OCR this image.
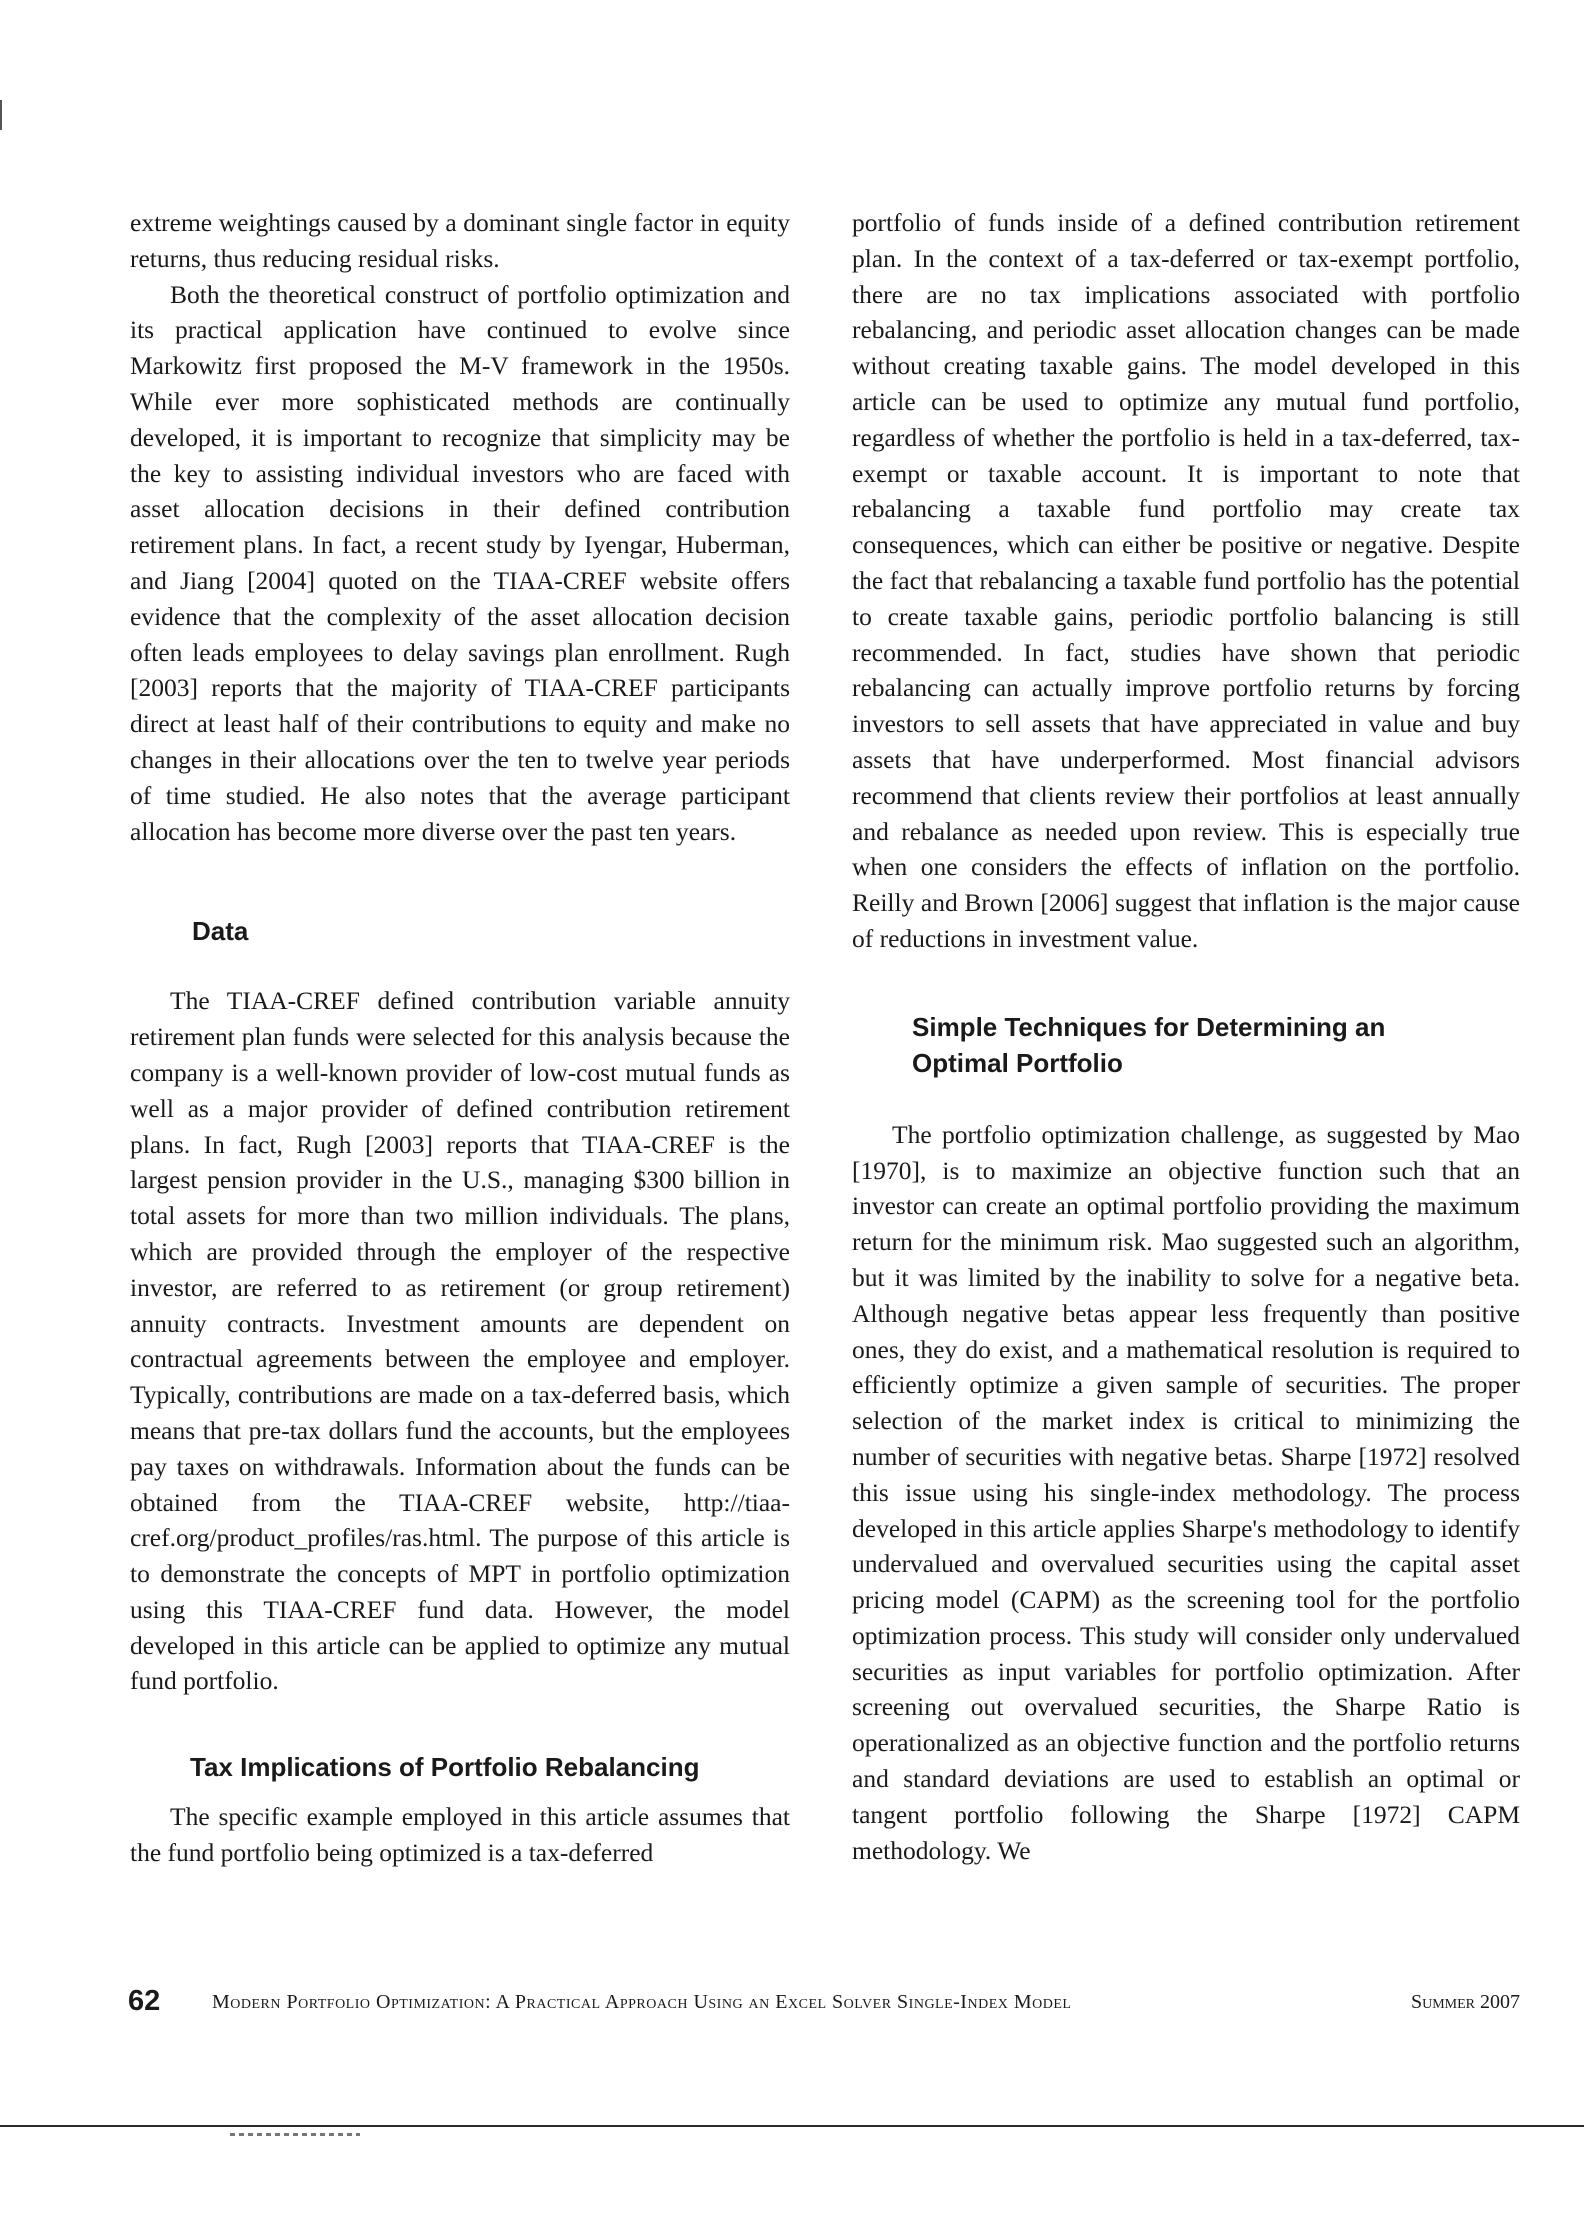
extreme weightings caused by a dominant single factor in equity returns, thus reducing residual risks.

Both the theoretical construct of portfolio optimization and its practical application have continued to evolve since Markowitz first proposed the M-V framework in the 1950s. While ever more sophisticated methods are continually developed, it is important to recognize that simplicity may be the key to assisting individual investors who are faced with asset allocation decisions in their defined contribution retirement plans. In fact, a recent study by Iyengar, Huberman, and Jiang [2004] quoted on the TIAA-CREF website offers evidence that the complexity of the asset allocation decision often leads employees to delay savings plan enrollment. Rugh [2003] reports that the majority of TIAA-CREF participants direct at least half of their contributions to equity and make no changes in their allocations over the ten to twelve year periods of time studied. He also notes that the average participant allocation has become more diverse over the past ten years.

Data

The TIAA-CREF defined contribution variable annuity retirement plan funds were selected for this analysis because the company is a well-known provider of low-cost mutual funds as well as a major provider of defined contribution retirement plans. In fact, Rugh [2003] reports that TIAA-CREF is the largest pension provider in the U.S., managing $300 billion in total assets for more than two million individuals. The plans, which are provided through the employer of the respective investor, are referred to as retirement (or group retirement) annuity contracts. Investment amounts are dependent on contractual agreements between the employee and employer. Typically, contributions are made on a tax-deferred basis, which means that pre-tax dollars fund the accounts, but the employees pay taxes on withdrawals. Information about the funds can be obtained from the TIAA-CREF website, http://tiaa-cref.org/product_profiles/ras.html. The purpose of this article is to demonstrate the concepts of MPT in portfolio optimization using this TIAA-CREF fund data. However, the model developed in this article can be applied to optimize any mutual fund portfolio.

Tax Implications of Portfolio Rebalancing

The specific example employed in this article assumes that the fund portfolio being optimized is a tax-deferred

portfolio of funds inside of a defined contribution retirement plan. In the context of a tax-deferred or tax-exempt portfolio, there are no tax implications associated with portfolio rebalancing, and periodic asset allocation changes can be made without creating taxable gains. The model developed in this article can be used to optimize any mutual fund portfolio, regardless of whether the portfolio is held in a tax-deferred, tax-exempt or taxable account. It is important to note that rebalancing a taxable fund portfolio may create tax consequences, which can either be positive or negative. Despite the fact that rebalancing a taxable fund portfolio has the potential to create taxable gains, periodic portfolio balancing is still recommended. In fact, studies have shown that periodic rebalancing can actually improve portfolio returns by forcing investors to sell assets that have appreciated in value and buy assets that have underperformed. Most financial advisors recommend that clients review their portfolios at least annually and rebalance as needed upon review. This is especially true when one considers the effects of inflation on the portfolio. Reilly and Brown [2006] suggest that inflation is the major cause of reductions in investment value.

Simple Techniques for Determining an Optimal Portfolio

The portfolio optimization challenge, as suggested by Mao [1970], is to maximize an objective function such that an investor can create an optimal portfolio providing the maximum return for the minimum risk. Mao suggested such an algorithm, but it was limited by the inability to solve for a negative beta. Although negative betas appear less frequently than positive ones, they do exist, and a mathematical resolution is required to efficiently optimize a given sample of securities. The proper selection of the market index is critical to minimizing the number of securities with negative betas. Sharpe [1972] resolved this issue using his single-index methodology. The process developed in this article applies Sharpe's methodology to identify undervalued and overvalued securities using the capital asset pricing model (CAPM) as the screening tool for the portfolio optimization process. This study will consider only undervalued securities as input variables for portfolio optimization. After screening out overvalued securities, the Sharpe Ratio is operationalized as an objective function and the portfolio returns and standard deviations are used to establish an optimal or tangent portfolio following the Sharpe [1972] CAPM methodology. We

62	Modern Portfolio Optimization: A Practical Approach Using an Excel Solver Single-Index Model	Summer 2007
